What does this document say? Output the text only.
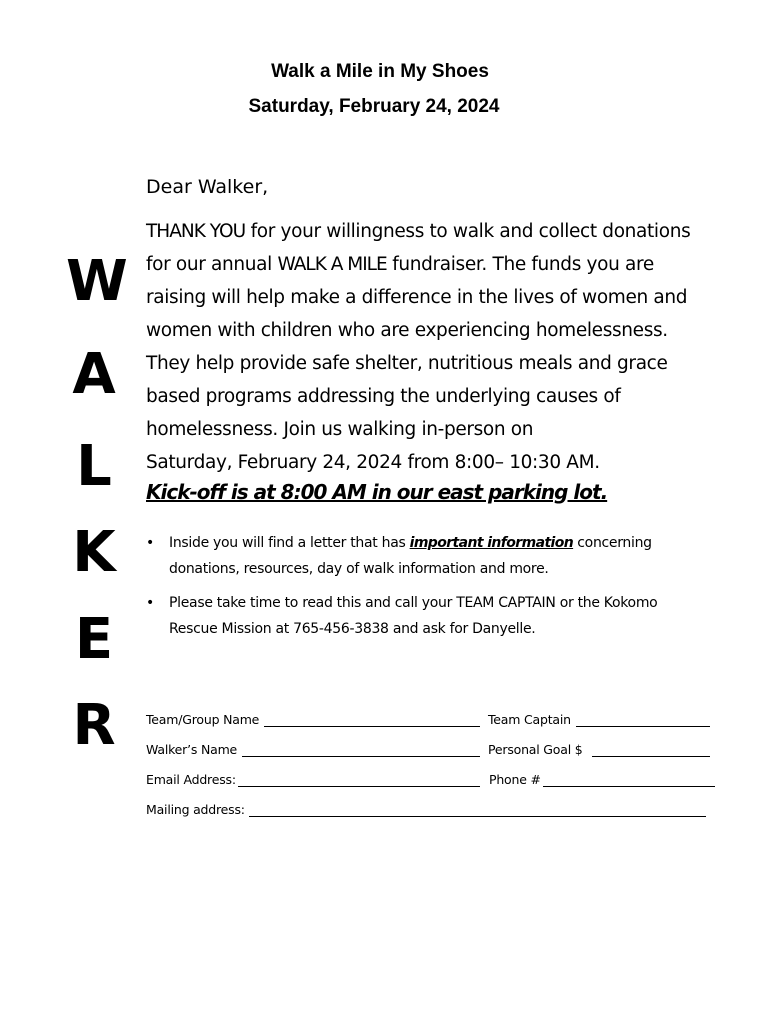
Walk a Mile in My Shoes
Saturday, February 24, 2024
W
A
L
K
E
R
Dear Walker,
THANK YOU for your willingness to walk and collect donations
for our annual WALK A MILE fundraiser. The funds you are
raising will help make a difference in the lives of women and
women with children who are experiencing homelessness.
They help provide safe shelter, nutritious meals and grace
based programs addressing the underlying causes of
homelessness. Join us walking in-person on
Saturday, February 24, 2024 from 8:00– 10:30 AM.
Kick-off is at 8:00 AM in our east parking lot.
• Inside you will find a letter that has important information concerning donations, resources, day of walk information and more.
• Please take time to read this and call your TEAM CAPTAIN or the Kokomo Rescue Mission at 765-456-3838 and ask for Danyelle.
Team/Group Name	Team Captain
Walker’s Name	Personal Goal $
Email Address:	Phone #
Mailing address:
